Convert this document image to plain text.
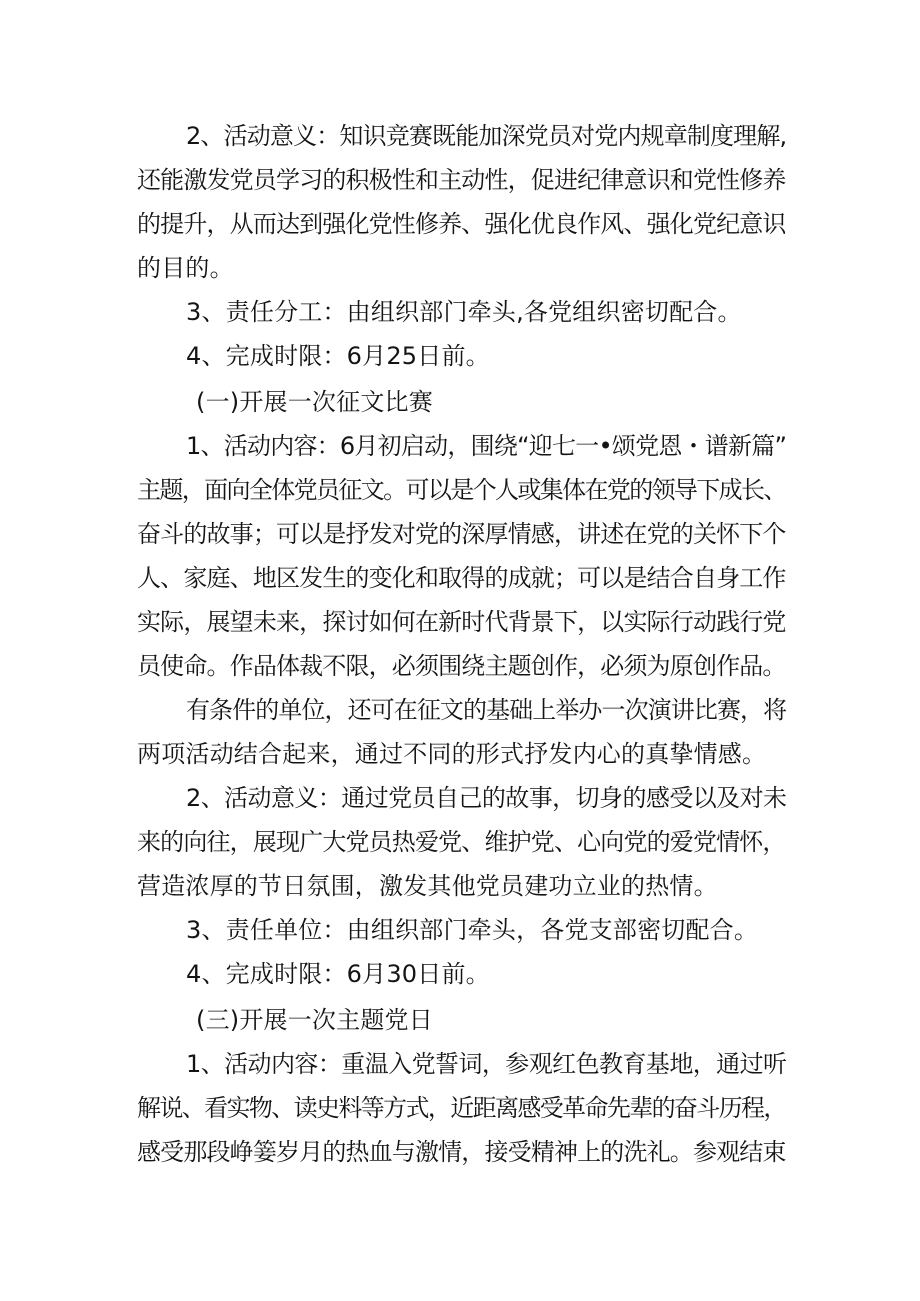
2、活动意义：知识竞赛既能加深党员对党内规章制度理解,
还能激发党员学习的积极性和主动性，促进纪律意识和党性修养
的提升，从而达到强化党性修养、强化优良作风、强化党纪意识
的目的。
3、责任分工：由组织部门牵头,各党组织密切配合。
4、完成时限：6月25日前。
(一)开展一次征文比赛
1、活动内容：6月初启动，围绕“迎七一•颂党恩・谱新篇”
主题，面向全体党员征文。可以是个人或集体在党的领导下成长、
奋斗的故事；可以是抒发对党的深厚情感，讲述在党的关怀下个
人、家庭、地区发生的变化和取得的成就；可以是结合自身工作
实际，展望未来，探讨如何在新时代背景下，以实际行动践行党
员使命。作品体裁不限，必须围绕主题创作，必须为原创作品。
有条件的单位，还可在征文的基础上举办一次演讲比赛，将
两项活动结合起来，通过不同的形式抒发内心的真挚情感。
2、活动意义：通过党员自己的故事，切身的感受以及对未
来的向往，展现广大党员热爱党、维护党、心向党的爱党情怀，
营造浓厚的节日氛围，激发其他党员建功立业的热情。
3、责任单位：由组织部门牵头，各党支部密切配合。
4、完成时限：6月30日前。
(三)开展一次主题党日
1、活动内容：重温入党誓词，参观红色教育基地，通过听
解说、看实物、读史料等方式，近距离感受革命先辈的奋斗历程，
感受那段峥䈉岁月的热血与激情，接受精神上的洗礼。参观结束
